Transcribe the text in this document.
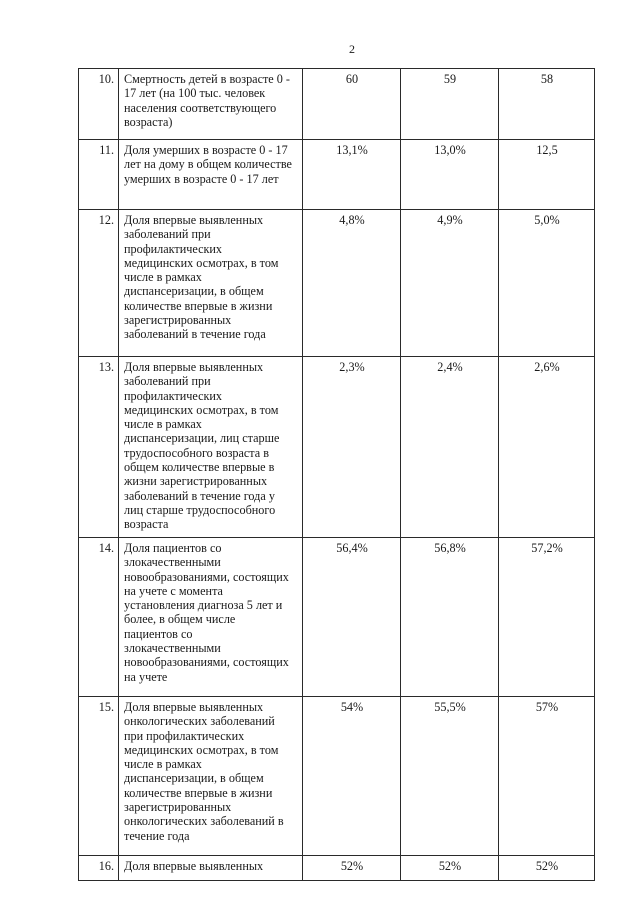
2
10.	Смертность детей в возрасте 0 - 17 лет (на 100 тыс. человек населения соответствующего возраста)	60	59	58
11.	Доля умерших в возрасте 0 - 17 лет на дому в общем количестве умерших в возрасте 0 - 17 лет	13,1%	13,0%	12,5
12.	Доля впервые выявленных заболеваний при профилактических медицинских осмотрах, в том числе в рамках диспансеризации, в общем количестве впервые в жизни зарегистрированных заболеваний в течение года	4,8%	4,9%	5,0%
13.	Доля впервые выявленных заболеваний при профилактических медицинских осмотрах, в том числе в рамках диспансеризации, лиц старше трудоспособного возраста в общем количестве впервые в жизни зарегистрированных заболеваний в течение года у лиц старше трудоспособного возраста	2,3%	2,4%	2,6%
14.	Доля пациентов со злокачественными новообразованиями, состоящих на учете с момента установления диагноза 5 лет и более, в общем числе пациентов со злокачественными новообразованиями, состоящих на учете	56,4%	56,8%	57,2%
15.	Доля впервые выявленных онкологических заболеваний при профилактических медицинских осмотрах, в том числе в рамках диспансеризации, в общем количестве впервые в жизни зарегистрированных онкологических заболеваний в течение года	54%	55,5%	57%
16.	Доля впервые выявленных	52%	52%	52%
